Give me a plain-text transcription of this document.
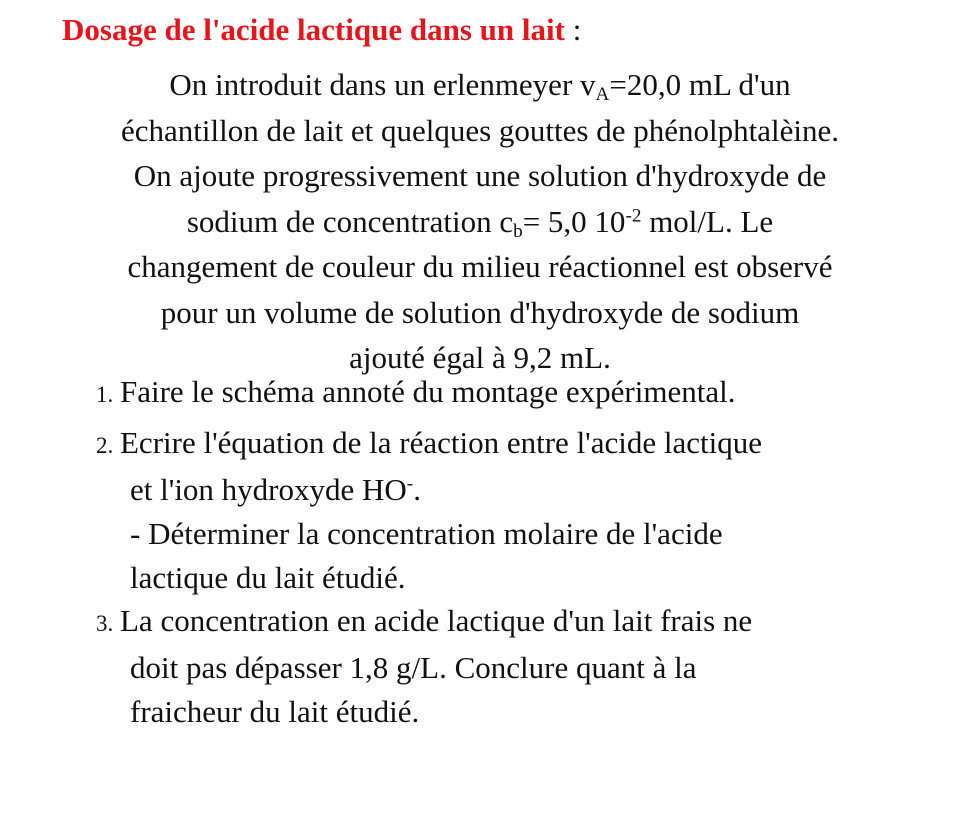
Dosage de l'acide lactique dans un lait :
On introduit dans un erlenmeyer $v_A=20,0$ mL d'un
échantillon de lait et quelques gouttes de phénolphtalèine.
On ajoute progressivement une solution d'hydroxyde de
sodium de concentration $c_b= 5,0$ $10^{-2}$ mol/L. Le
changement de couleur du milieu réactionnel est observé
pour un volume de solution d'hydroxyde de sodium
ajouté égal à 9,2 mL.
1. Faire le schéma annoté du montage expérimental.
2. Ecrire l'équation de la réaction entre l'acide lactique
et l'ion hydroxyde HO-.
- Déterminer la concentration molaire de l'acide
lactique du lait étudié.
3. La concentration en acide lactique d'un lait frais ne
doit pas dépasser 1,8 g/L. Conclure quant à la
fraicheur du lait étudié.
